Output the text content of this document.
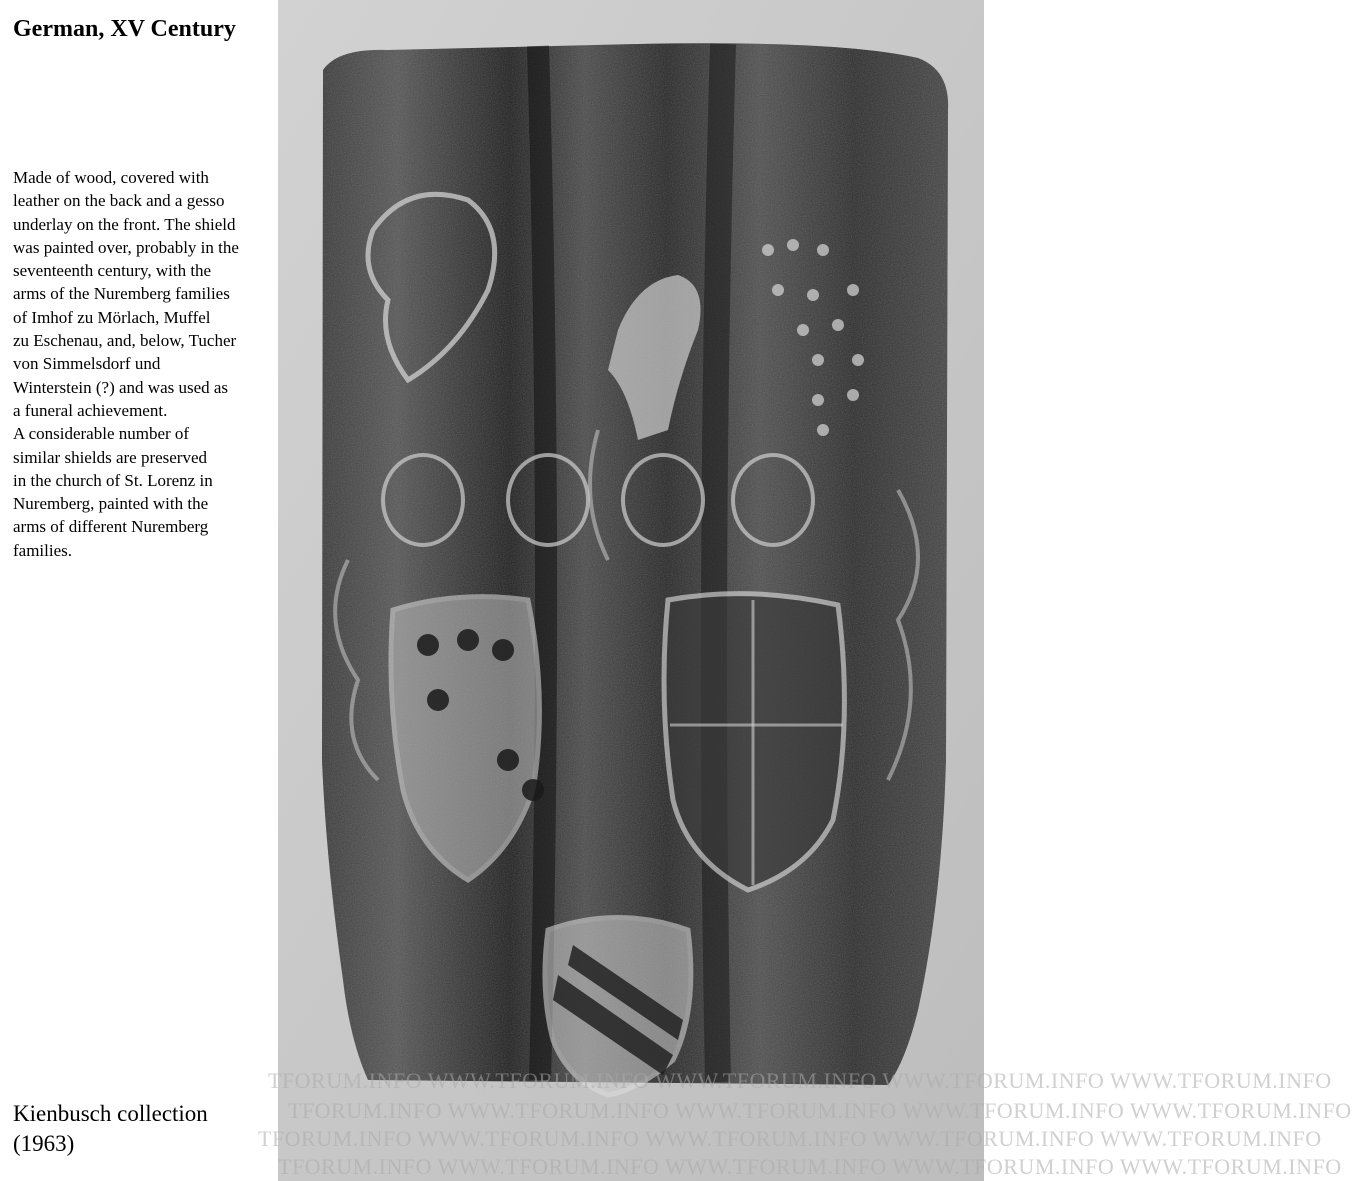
German, XV Century

Made of wood, covered with
leather on the back and a gesso
underlay on the front. The shield
was painted over, probably in the
seventeenth century, with the
arms of the Nuremberg families
of Imhof zu Mörlach, Muffel
zu Eschenau, and, below, Tucher
von Simmelsdorf und
Winterstein (?) and was used as
a funeral achievement.
A considerable number of
similar shields are preserved
in the church of St. Lorenz in
Nuremberg, painted with the
arms of different Nuremberg
families.

Kienbusch collection
(1963)

TFORUM.INFO WWW.TFORUM.INFO WWW.TFORUM.INFO WWW.TFORUM.INFO WWW.TFORUM.INFO
TFORUM.INFO WWW.TFORUM.INFO WWW.TFORUM.INFO WWW.TFORUM.INFO WWW.TFORUM.INFO
TFORUM.INFO WWW.TFORUM.INFO WWW.TFORUM.INFO WWW.TFORUM.INFO WWW.TFORUM.INFO
TFORUM.INFO WWW.TFORUM.INFO WWW.TFORUM.INFO WWW.TFORUM.INFO WWW.TFORUM.INFO
